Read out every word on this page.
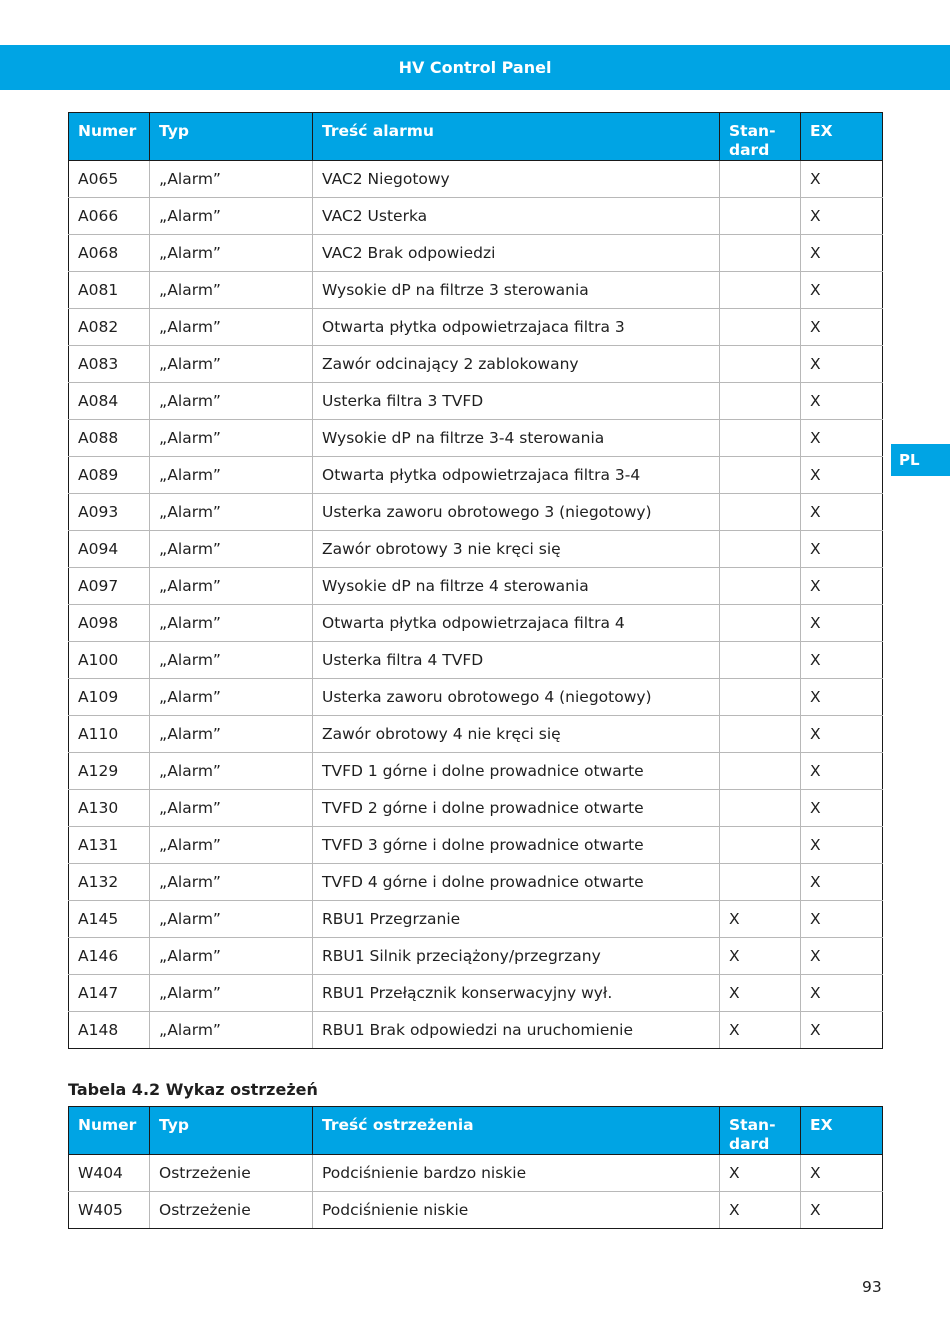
HV Control Panel
PL
Numer	Typ	Treść alarmu	Stan-
dard	EX
A065	„Alarm”	VAC2 Niegotowy		X
A066	„Alarm”	VAC2 Usterka		X
A068	„Alarm”	VAC2 Brak odpowiedzi		X
A081	„Alarm”	Wysokie dP na filtrze 3 sterowania		X
A082	„Alarm”	Otwarta płytka odpowietrzajaca filtra 3		X
A083	„Alarm”	Zawór odcinający 2 zablokowany		X
A084	„Alarm”	Usterka filtra 3 TVFD		X
A088	„Alarm”	Wysokie dP na filtrze 3-4 sterowania		X
A089	„Alarm”	Otwarta płytka odpowietrzajaca filtra 3-4		X
A093	„Alarm”	Usterka zaworu obrotowego 3 (niegotowy)		X
A094	„Alarm”	Zawór obrotowy 3 nie kręci się		X
A097	„Alarm”	Wysokie dP na filtrze 4 sterowania		X
A098	„Alarm”	Otwarta płytka odpowietrzajaca filtra 4		X
A100	„Alarm”	Usterka filtra 4 TVFD		X
A109	„Alarm”	Usterka zaworu obrotowego 4 (niegotowy)		X
A110	„Alarm”	Zawór obrotowy 4 nie kręci się		X
A129	„Alarm”	TVFD 1 górne i dolne prowadnice otwarte		X
A130	„Alarm”	TVFD 2 górne i dolne prowadnice otwarte		X
A131	„Alarm”	TVFD 3 górne i dolne prowadnice otwarte		X
A132	„Alarm”	TVFD 4 górne i dolne prowadnice otwarte		X
A145	„Alarm”	RBU1 Przegrzanie	X	X
A146	„Alarm”	RBU1 Silnik przeciążony/przegrzany	X	X
A147	„Alarm”	RBU1 Przełącznik konserwacyjny wył.	X	X
A148	„Alarm”	RBU1 Brak odpowiedzi na uruchomienie	X	X
Tabela 4.2 Wykaz ostrzeżeń
Numer	Typ	Treść ostrzeżenia	Stan-
dard	EX
W404	Ostrzeżenie	Podciśnienie bardzo niskie	X	X
W405	Ostrzeżenie	Podciśnienie niskie	X	X
93
